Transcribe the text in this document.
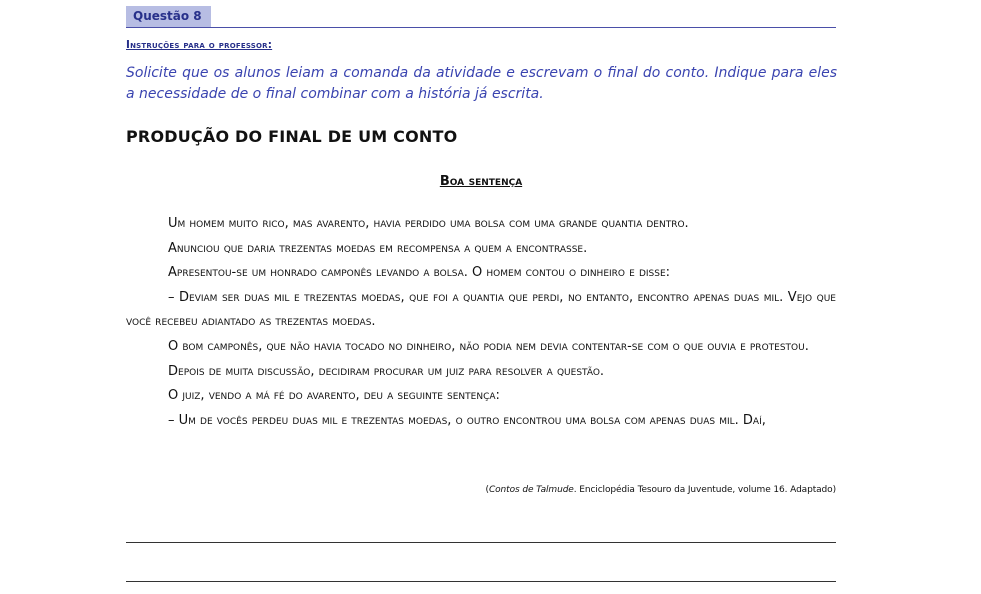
Questão 8
Instruções para o professor:
Solicite que os alunos leiam a comanda da atividade e escrevam o final do conto. Indique para eles a necessidade de o final combinar com a história já escrita.
PRODUÇÃO DO FINAL DE UM CONTO
Boa sentença

Um homem muito rico, mas avarento, havia perdido uma bolsa com uma grande quantia dentro.

Anunciou que daria trezentas moedas em recompensa a quem a encontrasse.

Apresentou-se um honrado camponês levando a bolsa. O homem contou o dinheiro e disse:

– Deviam ser duas mil e trezentas moedas, que foi a quantia que perdi, no entanto, encontro apenas duas mil. Vejo que você recebeu adiantado as trezentas moedas.

O bom camponês, que não havia tocado no dinheiro, não podia nem devia contentar-se com o que ouvia e protestou.

Depois de muita discussão, decidiram procurar um juiz para resolver a questão.

O juiz, vendo a má fé do avarento, deu a seguinte sentença:

– Um de vocês perdeu duas mil e trezentas moedas, o outro encontrou uma bolsa com apenas duas mil. Daí,

(Contos de Talmude. Enciclopédia Tesouro da Juventude, volume 16. Adaptado)
